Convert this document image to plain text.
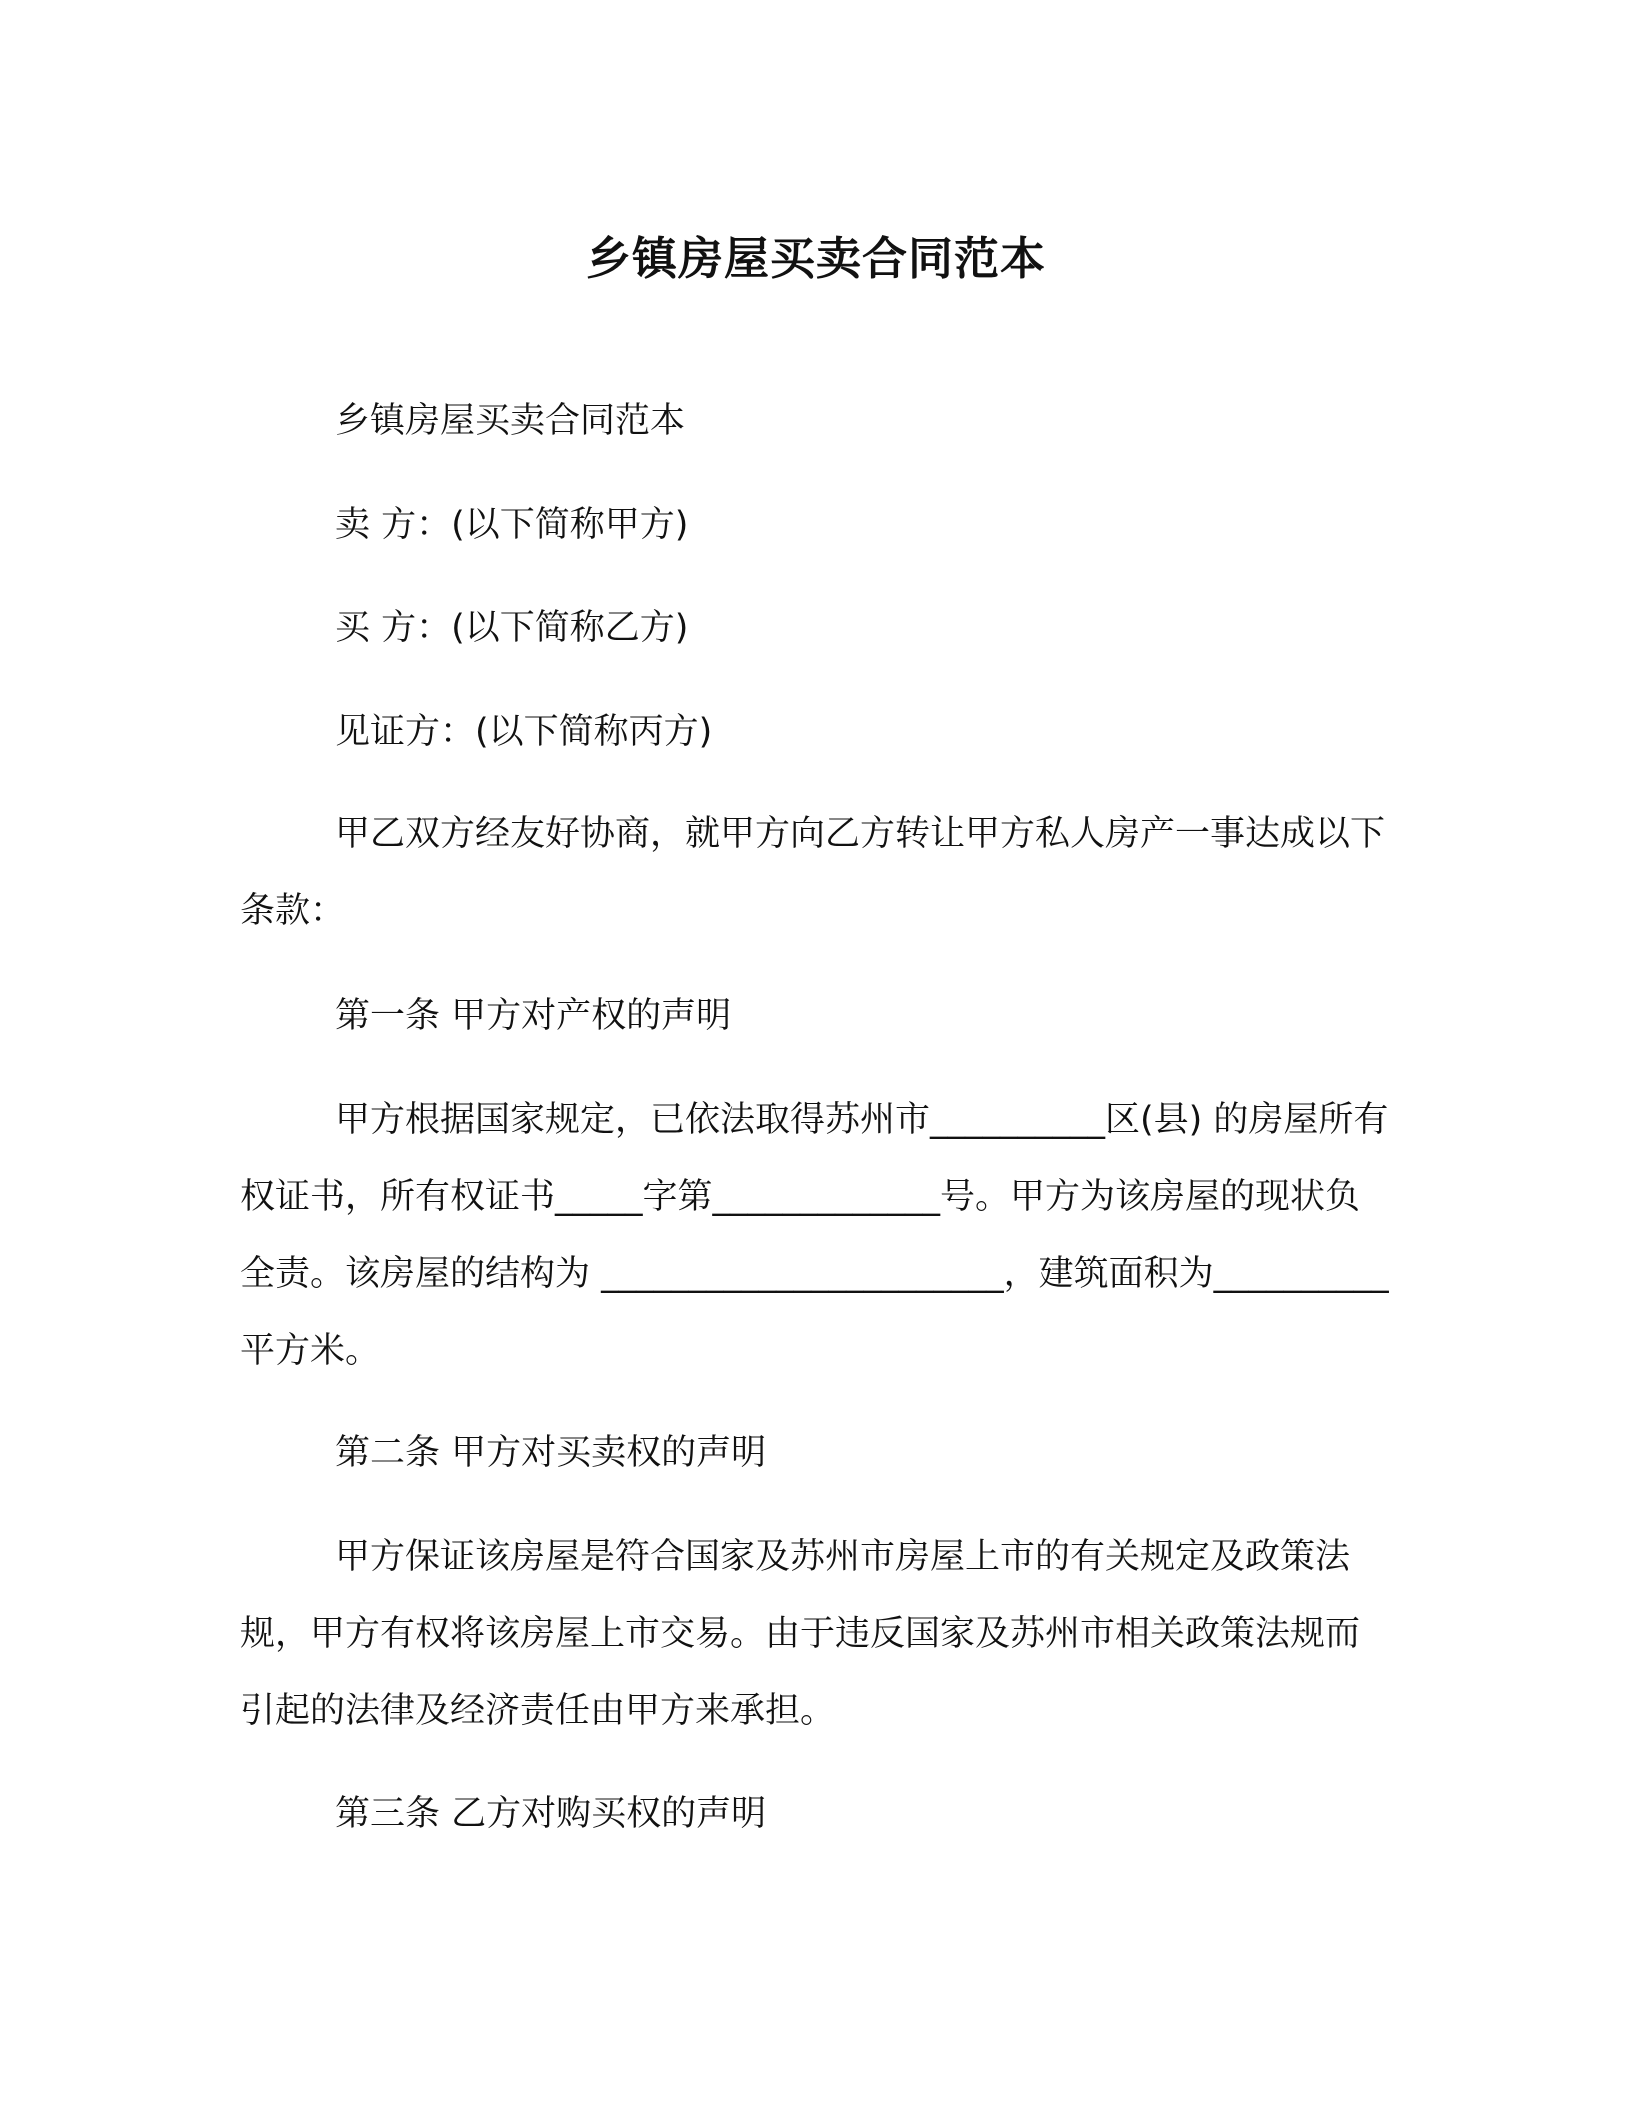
乡镇房屋买卖合同范本

乡镇房屋买卖合同范本

卖 方：(以下简称甲方)

买 方：(以下简称乙方)

见证方：(以下简称丙方)

甲乙双方经友好协商，就甲方向乙方转让甲方私人房产一事达成以下条款：

第一条 甲方对产权的声明

甲方根据国家规定，已依法取得苏州市__________区(县) 的房屋所有权证书，所有权证书_____字第_____________号。甲方为该房屋的现状负全责。该房屋的结构为 _______________________，建筑面积为__________平方米。

第二条 甲方对买卖权的声明

甲方保证该房屋是符合国家及苏州市房屋上市的有关规定及政策法规，甲方有权将该房屋上市交易。由于违反国家及苏州市相关政策法规而引起的法律及经济责任由甲方来承担。

第三条 乙方对购买权的声明
